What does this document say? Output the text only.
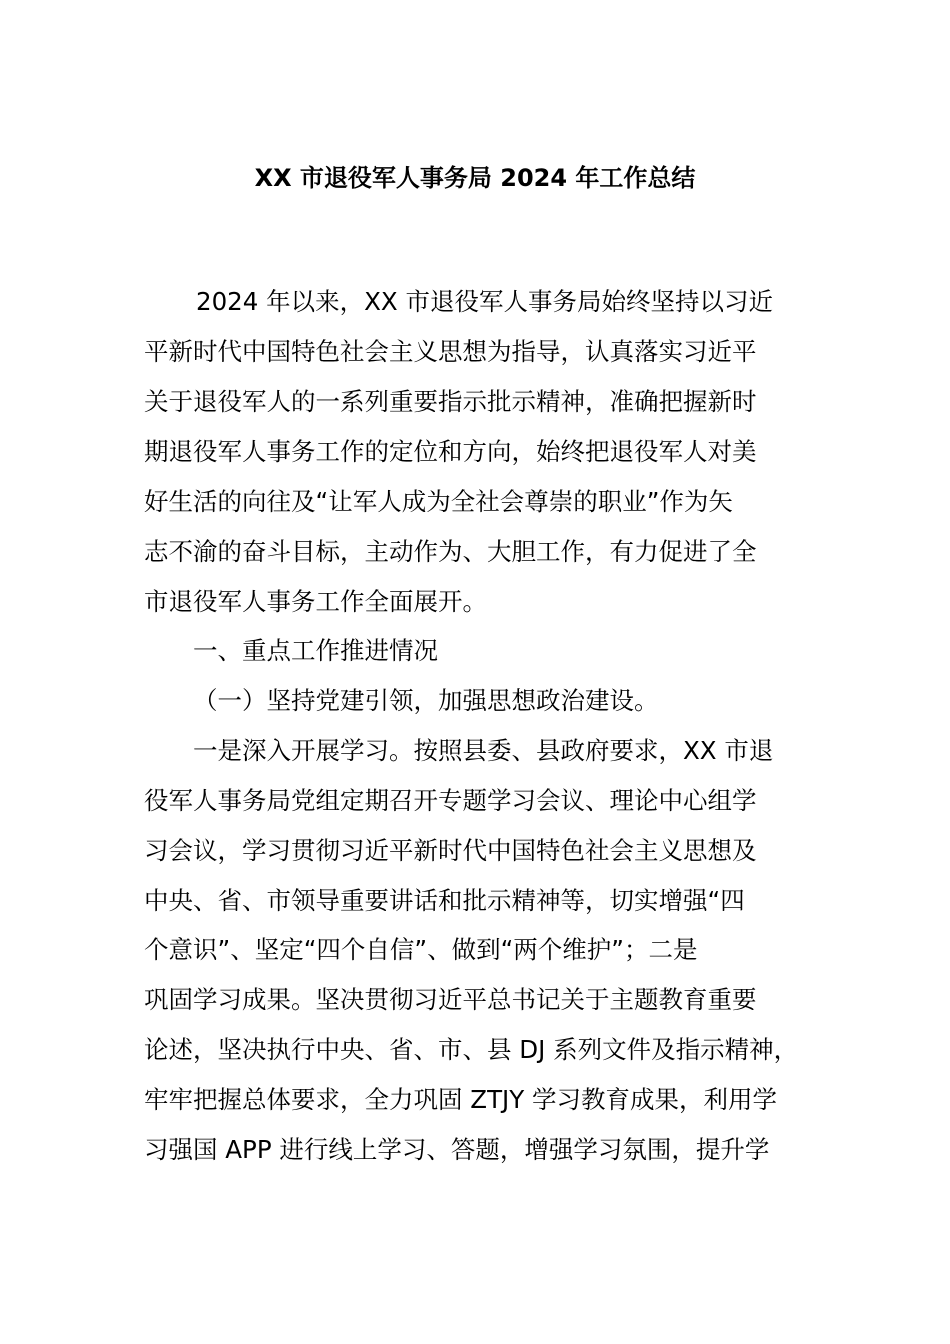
XX 市退役军人事务局 2024 年工作总结
2024 年以来，XX 市退役军人事务局始终坚持以习近
平新时代中国特色社会主义思想为指导，认真落实习近平
关于退役军人的一系列重要指示批示精神，准确把握新时
期退役军人事务工作的定位和方向，始终把退役军人对美
好生活的向往及“让军人成为全社会尊崇的职业”作为矢
志不渝的奋斗目标，主动作为、大胆工作，有力促进了全
市退役军人事务工作全面展开。
一、重点工作推进情况
（一）坚持党建引领，加强思想政治建设。
一是深入开展学习。按照县委、县政府要求，XX 市退
役军人事务局党组定期召开专题学习会议、理论中心组学
习会议，学习贯彻习近平新时代中国特色社会主义思想及
中央、省、市领导重要讲话和批示精神等，切实增强“四
个意识”、坚定“四个自信”、做到“两个维护”；二是
巩固学习成果。坚决贯彻习近平总书记关于主题教育重要
论述，坚决执行中央、省、市、县 DJ 系列文件及指示精神，
牢牢把握总体要求，全力巩固 ZTJY 学习教育成果，利用学
习强国 APP 进行线上学习、答题，增强学习氛围，提升学
